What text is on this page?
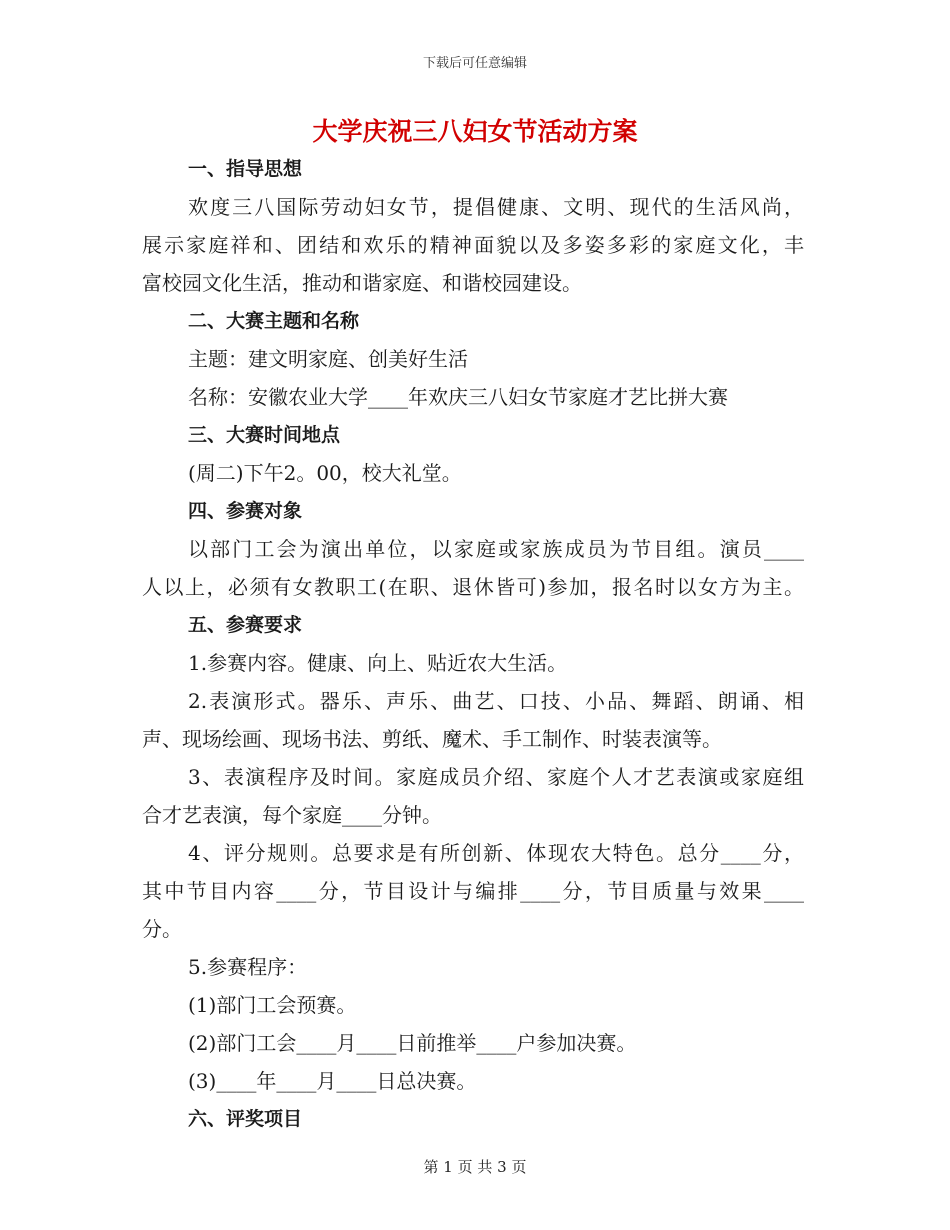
下载后可任意编辑
大学庆祝三八妇女节活动方案
一、指导思想
欢度三八国际劳动妇女节，提倡健康、文明、现代的生活风尚，
展示家庭祥和、团结和欢乐的精神面貌以及多姿多彩的家庭文化，丰
富校园文化生活，推动和谐家庭、和谐校园建设。
二、大赛主题和名称
主题：建文明家庭、创美好生活
名称：安徽农业大学____年欢庆三八妇女节家庭才艺比拼大赛
三、大赛时间地点
(周二)下午2。00，校大礼堂。
四、参赛对象
以部门工会为演出单位，以家庭或家族成员为节目组。演员____
人以上，必须有女教职工(在职、退休皆可)参加，报名时以女方为主。
五、参赛要求
1.参赛内容。健康、向上、贴近农大生活。
2.表演形式。器乐、声乐、曲艺、口技、小品、舞蹈、朗诵、相
声、现场绘画、现场书法、剪纸、魔术、手工制作、时装表演等。
3、表演程序及时间。家庭成员介绍、家庭个人才艺表演或家庭组
合才艺表演，每个家庭____分钟。
4、评分规则。总要求是有所创新、体现农大特色。总分____分，
其中节目内容____分，节目设计与编排____分，节目质量与效果____
分。
5.参赛程序：
(1)部门工会预赛。
(2)部门工会____月____日前推举____户参加决赛。
(3)____年____月____日总决赛。
六、评奖项目
第 1 页 共 3 页
